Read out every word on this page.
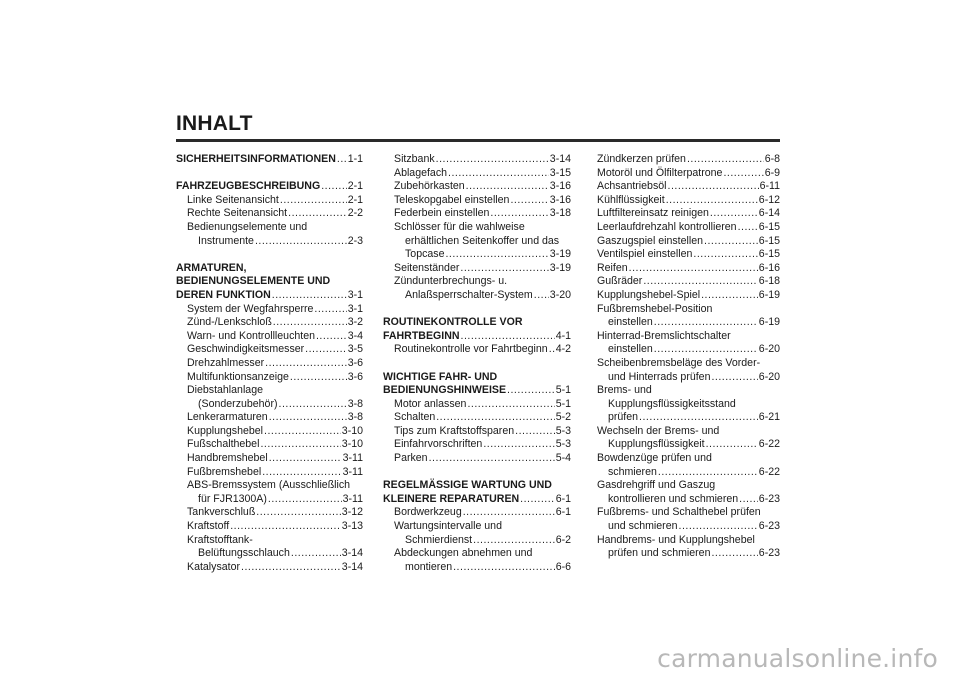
INHALT
SICHERHEITSINFORMATIONEN ..... 1-1
FAHRZEUGBESCHREIBUNG .....	2-1
Linke Seitenansicht .....	2-1
Rechte Seitenansicht .....	2-2
Bedienungselemente und
Instrumente .....	2-3
ARMATUREN,
BEDIENUNGSELEMENTE UND
DEREN FUNKTION .....	3-1
System der Wegfahrsperre .....	3-1
Zünd-/Lenkschloß .....	3-2
Warn- und Kontrollleuchten .....	3-4
Geschwindigkeitsmesser .....	3-5
Drehzahlmesser .....	3-6
Multifunktionsanzeige .....	3-6
Diebstahlanlage
(Sonderzubehör) .....	3-8
Lenkerarmaturen .....	3-8
Kupplungshebel .....	3-10
Fußschalthebel .....	3-10
Handbremshebel .....	3-11
Fußbremshebel .....	3-11
ABS-Bremssystem (Ausschließlich
für FJR1300A) .....	3-11
Tankverschluß .....	3-12
Kraftstoff .....	3-13
Kraftstofftank-
Belüftungsschlauch .....	3-14
Katalysator .....	3-14
Sitzbank .....	3-14
Ablagefach .....	3-15
Zubehörkasten .....	3-16
Teleskopgabel einstellen .....	3-16
Federbein einstellen .....	3-18
Schlösser für die wahlweise
erhältlichen Seitenkoffer und das
Topcase .....	3-19
Seitenständer .....	3-19
Zündunterbrechungs- u.
Anlaßsperrschalter-System ..... 3-20
ROUTINEKONTROLLE VOR
FAHRTBEGINN .....	4-1
Routinekontrolle vor Fahrtbeginn ..... 4-2
WICHTIGE FAHR- UND
BEDIENUNGSHINWEISE .....	5-1
Motor anlassen .....	5-1
Schalten .....	5-2
Tips zum Kraftstoffsparen .....	5-3
Einfahrvorschriften .....	5-3
Parken .....	5-4
REGELMÄSSIGE WARTUNG UND
KLEINERE REPARATUREN .....	6-1
Bordwerkzeug .....	6-1
Wartungsintervalle und
Schmierdienst .....	6-2
Abdeckungen abnehmen und
montieren .....	6-6
Zündkerzen prüfen .....	6-8
Motoröl und Ölfilterpatrone .....	6-9
Achsantriebsöl .....	6-11
Kühlflüssigkeit .....	6-12
Luftfiltereinsatz reinigen .....	6-14
Leerlaufdrehzahl kontrollieren ..... 6-15
Gaszugspiel einstellen .....	6-15
Ventilspiel einstellen .....	6-15
Reifen .....	6-16
Gußräder .....	6-18
Kupplungshebel-Spiel .....	6-19
Fußbremshebel-Position
einstellen .....	6-19
Hinterrad-Bremslichtschalter
einstellen .....	6-20
Scheibenbremsbeläge des Vorder-
und Hinterrads prüfen .....	6-20
Brems- und
Kupplungsflüssigkeitsstand
prüfen .....	6-21
Wechseln der Brems- und
Kupplungsflüssigkeit .....	6-22
Bowdenzüge prüfen und
schmieren .....	6-22
Gasdrehgriff und Gaszug
kontrollieren und schmieren ..... 6-23
Fußbrems- und Schalthebel prüfen
und schmieren .....	6-23
Handbrems- und Kupplungshebel
prüfen und schmieren .....	6-23
carmanualsonline.info
